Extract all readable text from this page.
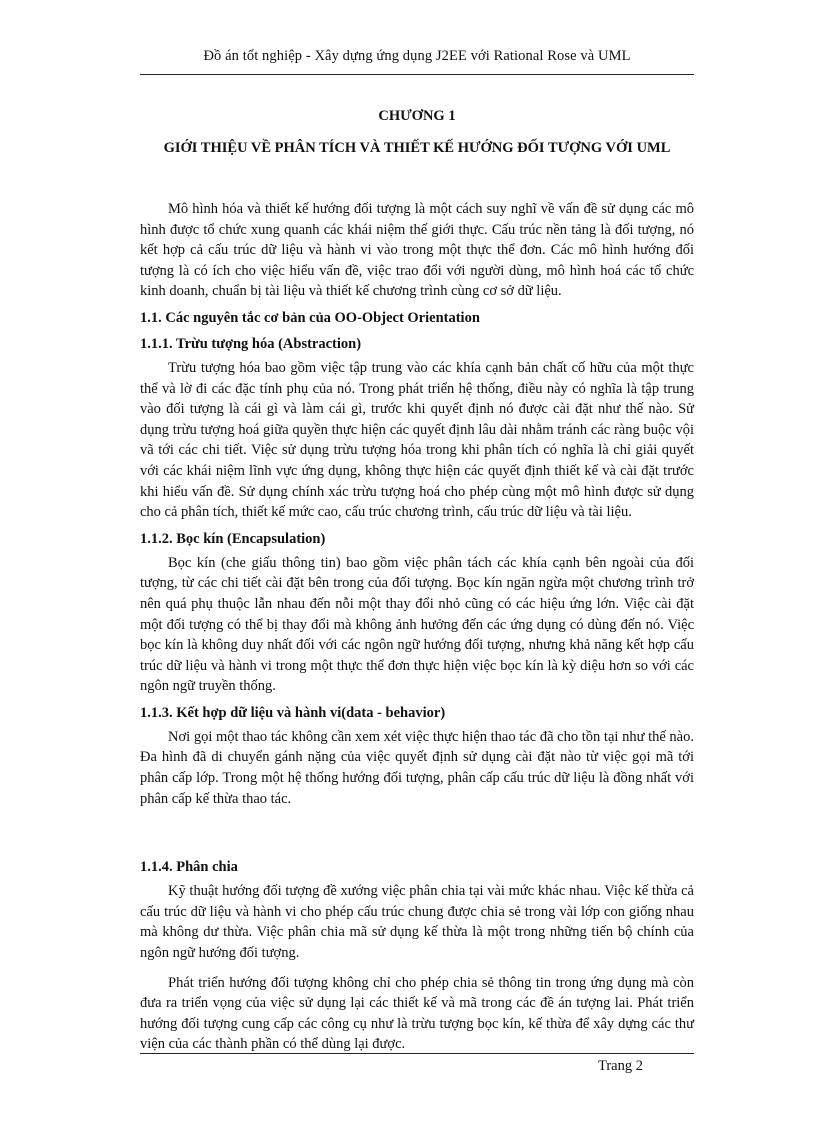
Đồ án tốt nghiệp - Xây dựng ứng dụng J2EE với Rational Rose và UML
CHƯƠNG 1
GIỚI THIỆU VỀ PHÂN TÍCH VÀ THIẾT KẾ HƯỚNG ĐỐI TƯỢNG VỚI UML

Mô hình hóa và thiết kế hướng đối tượng là một cách suy nghĩ về vấn đề sử dụng các mô hình được tổ chức xung quanh các khái niệm thế giới thực. Cấu trúc nền tảng là đối tượng, nó kết hợp cả cấu trúc dữ liệu và hành vi vào trong một thực thể đơn. Các mô hình hướng đối tượng là có ích cho việc hiểu vấn đề, việc trao đổi với người dùng, mô hình hoá các tổ chức kinh doanh, chuẩn bị tài liệu và thiết kế chương trình cùng cơ sở dữ liệu.

1.1. Các nguyên tắc cơ bản của OO-Object Orientation
1.1.1. Trừu tượng hóa (Abstraction)

Trừu tượng hóa bao gồm việc tập trung vào các khía cạnh bản chất cố hữu của một thực thể và lờ đi các đặc tính phụ của nó. Trong phát triển hệ thống, điều này có nghĩa là tập trung vào đối tượng là cái gì và làm cái gì, trước khi quyết định nó được cài đặt như thế nào. Sử dụng trừu tượng hoá giữa quyền thực hiện các quyết định lâu dài nhằm tránh các ràng buộc vội vã tới các chi tiết. Việc sử dụng trừu tượng hóa trong khi phân tích có nghĩa là chỉ giải quyết với các khái niệm lĩnh vực ứng dụng, không thực hiện các quyết định thiết kế và cài đặt trước khi hiểu vấn đề. Sử dụng chính xác trừu tượng hoá cho phép cùng một mô hình được sử dụng cho cả phân tích, thiết kế mức cao, cấu trúc chương trình, cấu trúc dữ liệu và tài liệu.

1.1.2. Bọc kín (Encapsulation)

Bọc kín (che giấu thông tin) bao gồm việc phân tách các khía cạnh bên ngoài của đối tượng, từ các chi tiết cài đặt bên trong của đối tượng. Bọc kín ngăn ngừa một chương trình trở nên quá phụ thuộc lẫn nhau đến nỗi một thay đổi nhỏ cũng có các hiệu ứng lớn. Việc cài đặt một đối tượng có thể bị thay đổi mà không ảnh hưởng đến các ứng dụng có dùng đến nó. Việc bọc kín là không duy nhất đối với các ngôn ngữ hướng đối tượng, nhưng khả năng kết hợp cấu trúc dữ liệu và hành vi trong một thực thể đơn thực hiện việc bọc kín là kỳ diệu hơn so với các ngôn ngữ truyền thống.

1.1.3. Kết hợp dữ liệu và hành vi(data - behavior)

Nơi gọi một thao tác không cần xem xét việc thực hiện thao tác đã cho tồn tại như thế nào. Đa hình đã di chuyển gánh nặng của việc quyết định sử dụng cài đặt nào từ việc gọi mã tới phân cấp lớp. Trong một hệ thống hướng đối tượng, phân cấp cấu trúc dữ liệu là đồng nhất với phân cấp kế thừa thao tác.

1.1.4. Phân chia

Kỹ thuật hướng đối tượng đề xướng việc phân chia tại vài mức khác nhau. Việc kế thừa cả cấu trúc dữ liệu và hành vi cho phép cấu trúc chung được chia sẻ trong vài lớp con giống nhau mà không dư thừa. Việc phân chia mã sử dụng kế thừa là một trong những tiến bộ chính của ngôn ngữ hướng đối tượng.

Phát triển hướng đối tượng không chỉ cho phép chia sẻ thông tin trong ứng dụng mà còn đưa ra triển vọng của việc sử dụng lại các thiết kế và mã trong các đề án tượng lai. Phát triển hướng đối tượng cung cấp các công cụ như là trừu tượng bọc kín, kế thừa để xây dựng các thư viện của các thành phần có thể dùng lại được.

Trang 2
